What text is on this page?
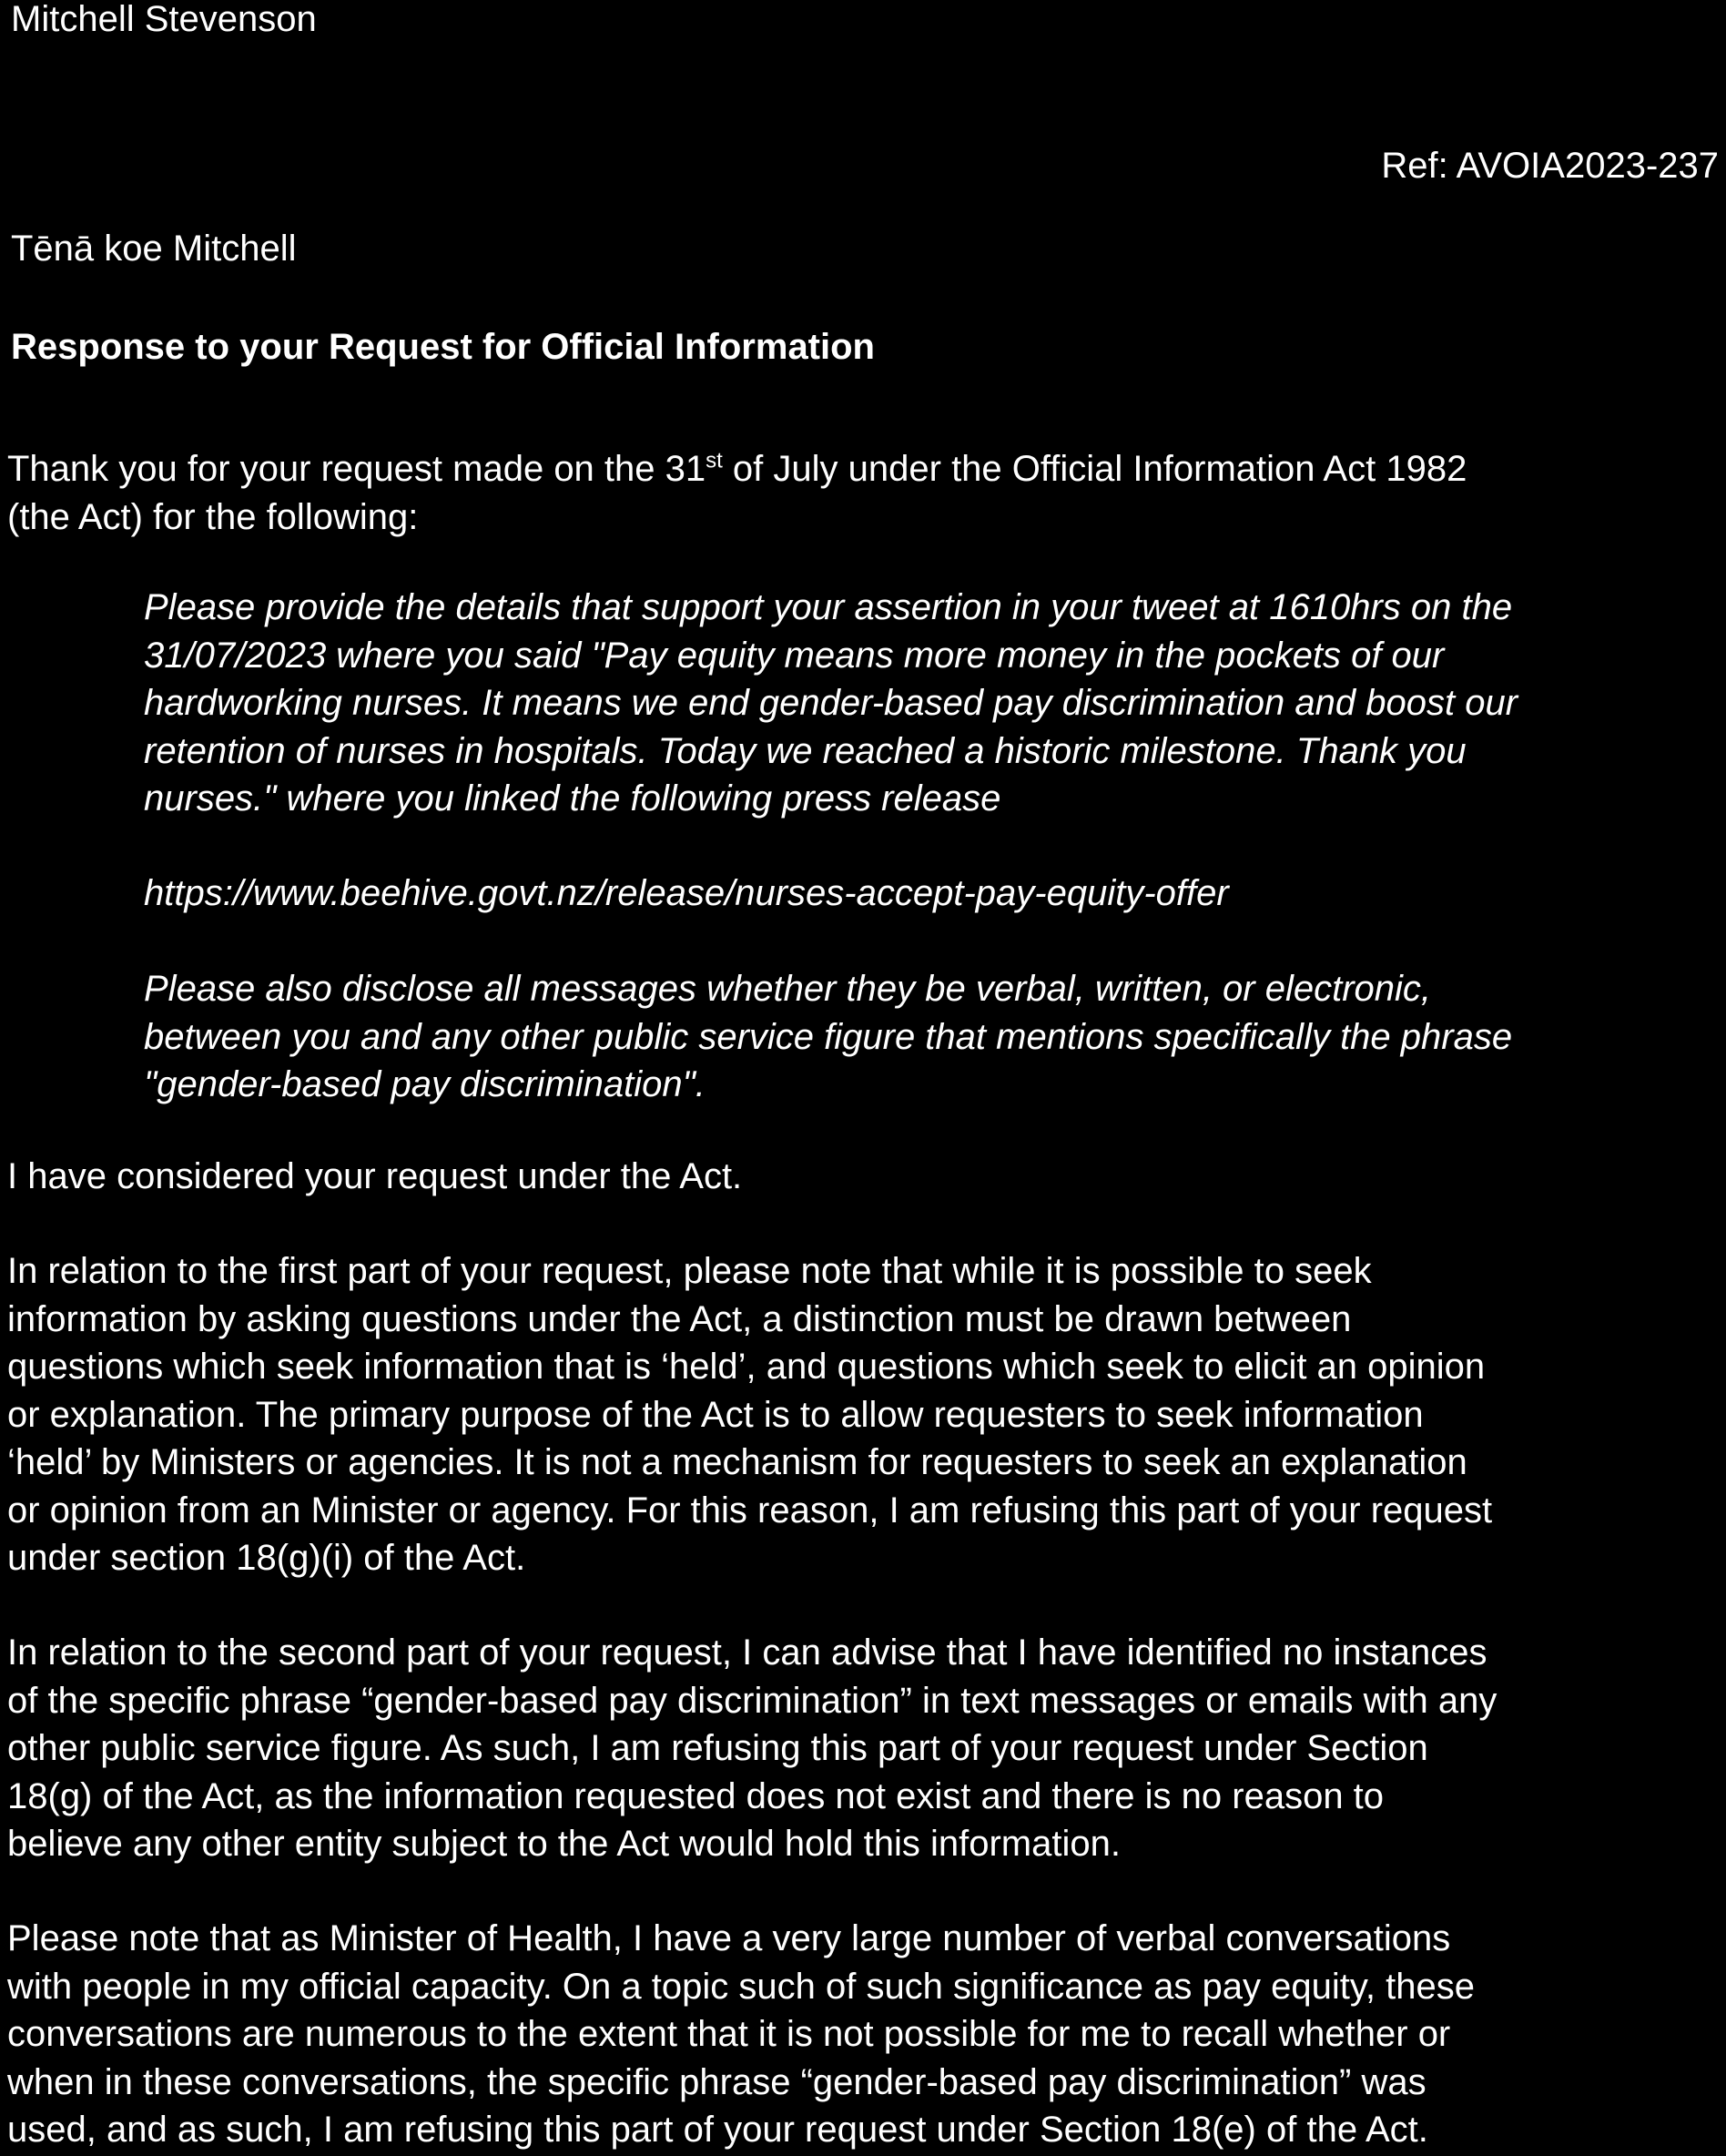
Mitchell Stevenson
Ref: AVOIA2023-237
Tēnā koe Mitchell
Response to your Request for Official Information
Thank you for your request made on the 31st of July under the Official Information Act 1982
(the Act) for the following:
Please provide the details that support your assertion in your tweet at 1610hrs on the
31/07/2023 where you said "Pay equity means more money in the pockets of our
hardworking nurses. It means we end gender-based pay discrimination and boost our
retention of nurses in hospitals. Today we reached a historic milestone. Thank you
nurses." where you linked the following press release
https://www.beehive.govt.nz/release/nurses-accept-pay-equity-offer
Please also disclose all messages whether they be verbal, written, or electronic,
between you and any other public service figure that mentions specifically the phrase
"gender-based pay discrimination".
I have considered your request under the Act.
In relation to the first part of your request, please note that while it is possible to seek
information by asking questions under the Act, a distinction must be drawn between
questions which seek information that is ‘held’, and questions which seek to elicit an opinion
or explanation. The primary purpose of the Act is to allow requesters to seek information
‘held’ by Ministers or agencies. It is not a mechanism for requesters to seek an explanation
or opinion from an Minister or agency. For this reason, I am refusing this part of your request
under section 18(g)(i) of the Act.
In relation to the second part of your request, I can advise that I have identified no instances
of the specific phrase “gender-based pay discrimination” in text messages or emails with any
other public service figure. As such, I am refusing this part of your request under Section
18(g) of the Act, as the information requested does not exist and there is no reason to
believe any other entity subject to the Act would hold this information.
Please note that as Minister of Health, I have a very large number of verbal conversations
with people in my official capacity. On a topic such of such significance as pay equity, these
conversations are numerous to the extent that it is not possible for me to recall whether or
when in these conversations, the specific phrase “gender-based pay discrimination” was
used, and as such, I am refusing this part of your request under Section 18(e) of the Act.
